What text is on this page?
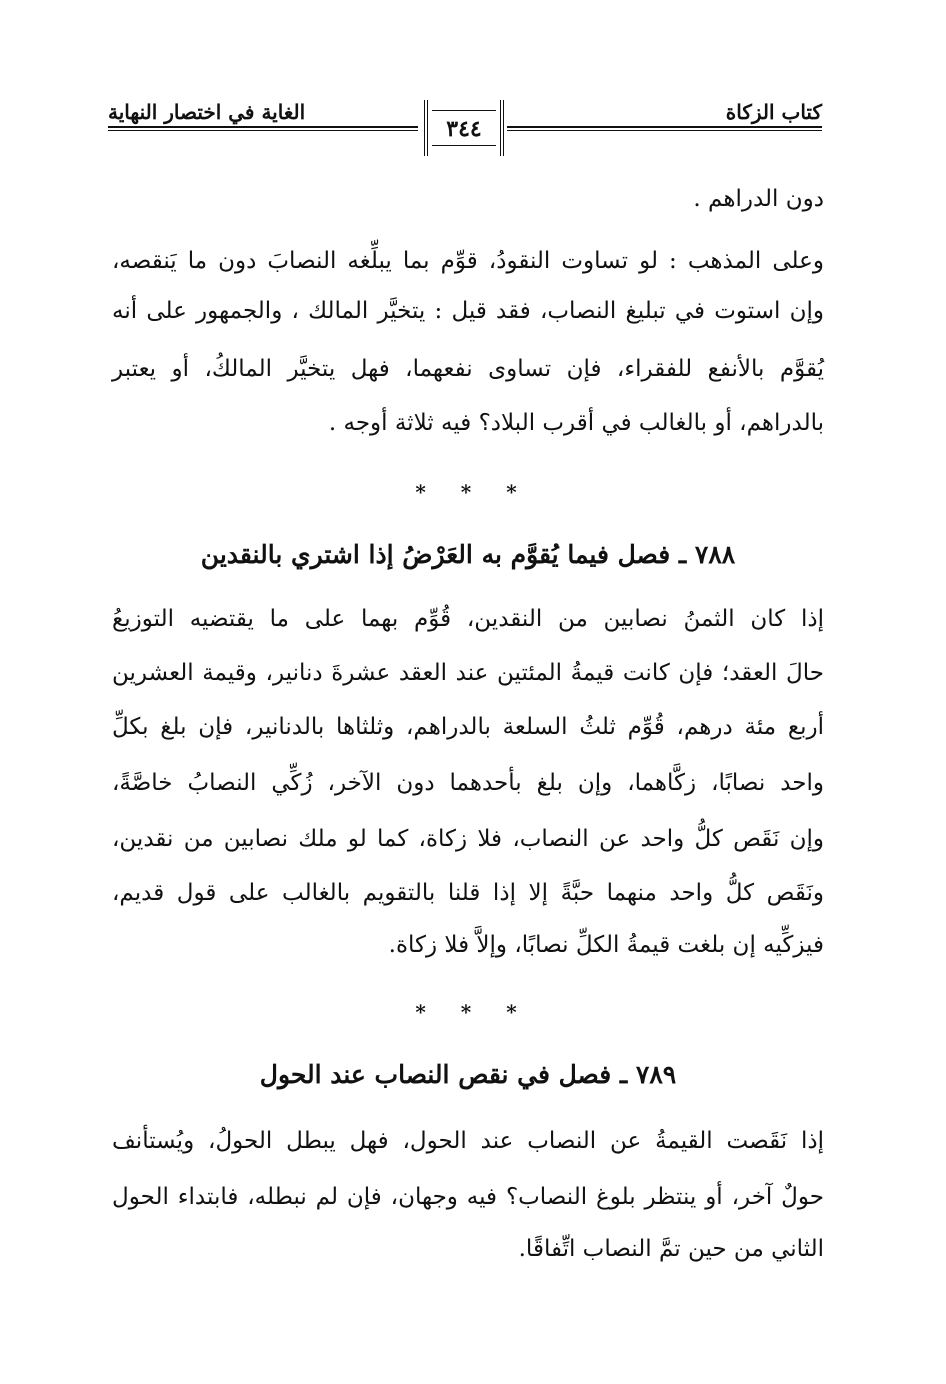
كتاب الزكاة
الغاية في اختصار النهاية
٣٤٤
دون الدراهم .
وعلى المذهب : لو تساوت النقودُ، قوِّم بما يبلِّغه النصابَ دون ما يَنقصه،
وإن استوت في تبليغ النصاب، فقد قيل : يتخيَّر المالك ، والجمهور على أنه
يُقوَّم بالأنفع للفقراء، فإن تساوى نفعهما، فهل يتخيَّر المالكُ، أو يعتبر
بالدراهم، أو بالغالب في أقرب البلاد؟ فيه ثلاثة أوجه .
* * *
٧٨٨ ـ فصل فيما يُقوَّم به العَرْضُ إذا اشتري بالنقدين
إذا كان الثمنُ نصابين من النقدين، قُوِّم بهما على ما يقتضيه التوزيعُ
حالَ العقد؛ فإن كانت قيمةُ المئتين عند العقد عشرةَ دنانير، وقيمة العشرين
أربع مئة درهم، قُوِّم ثلثُ السلعة بالدراهم، وثلثاها بالدنانير، فإن بلغ بكلِّ
واحد نصابًا، زكَّاهما، وإن بلغ بأحدهما دون الآخر، زُكِّي النصابُ خاصَّةً،
وإن نَقَص كلُّ واحد عن النصاب، فلا زكاة، كما لو ملك نصابين من نقدين،
ونَقَص كلُّ واحد منهما حبَّةً إلا إذا قلنا بالتقويم بالغالب على قول قديم،
فيزكِّيه إن بلغت قيمةُ الكلِّ نصابًا، وإلاَّ فلا زكاة.
* * *
٧٨٩ ـ فصل في نقص النصاب عند الحول
إذا نَقَصت القيمةُ عن النصاب عند الحول، فهل يبطل الحولُ، ويُستأنف
حولٌ آخر، أو ينتظر بلوغ النصاب؟ فيه وجهان، فإن لم نبطله، فابتداء الحول
الثاني من حين تمَّ النصاب اتِّفاقًا.
